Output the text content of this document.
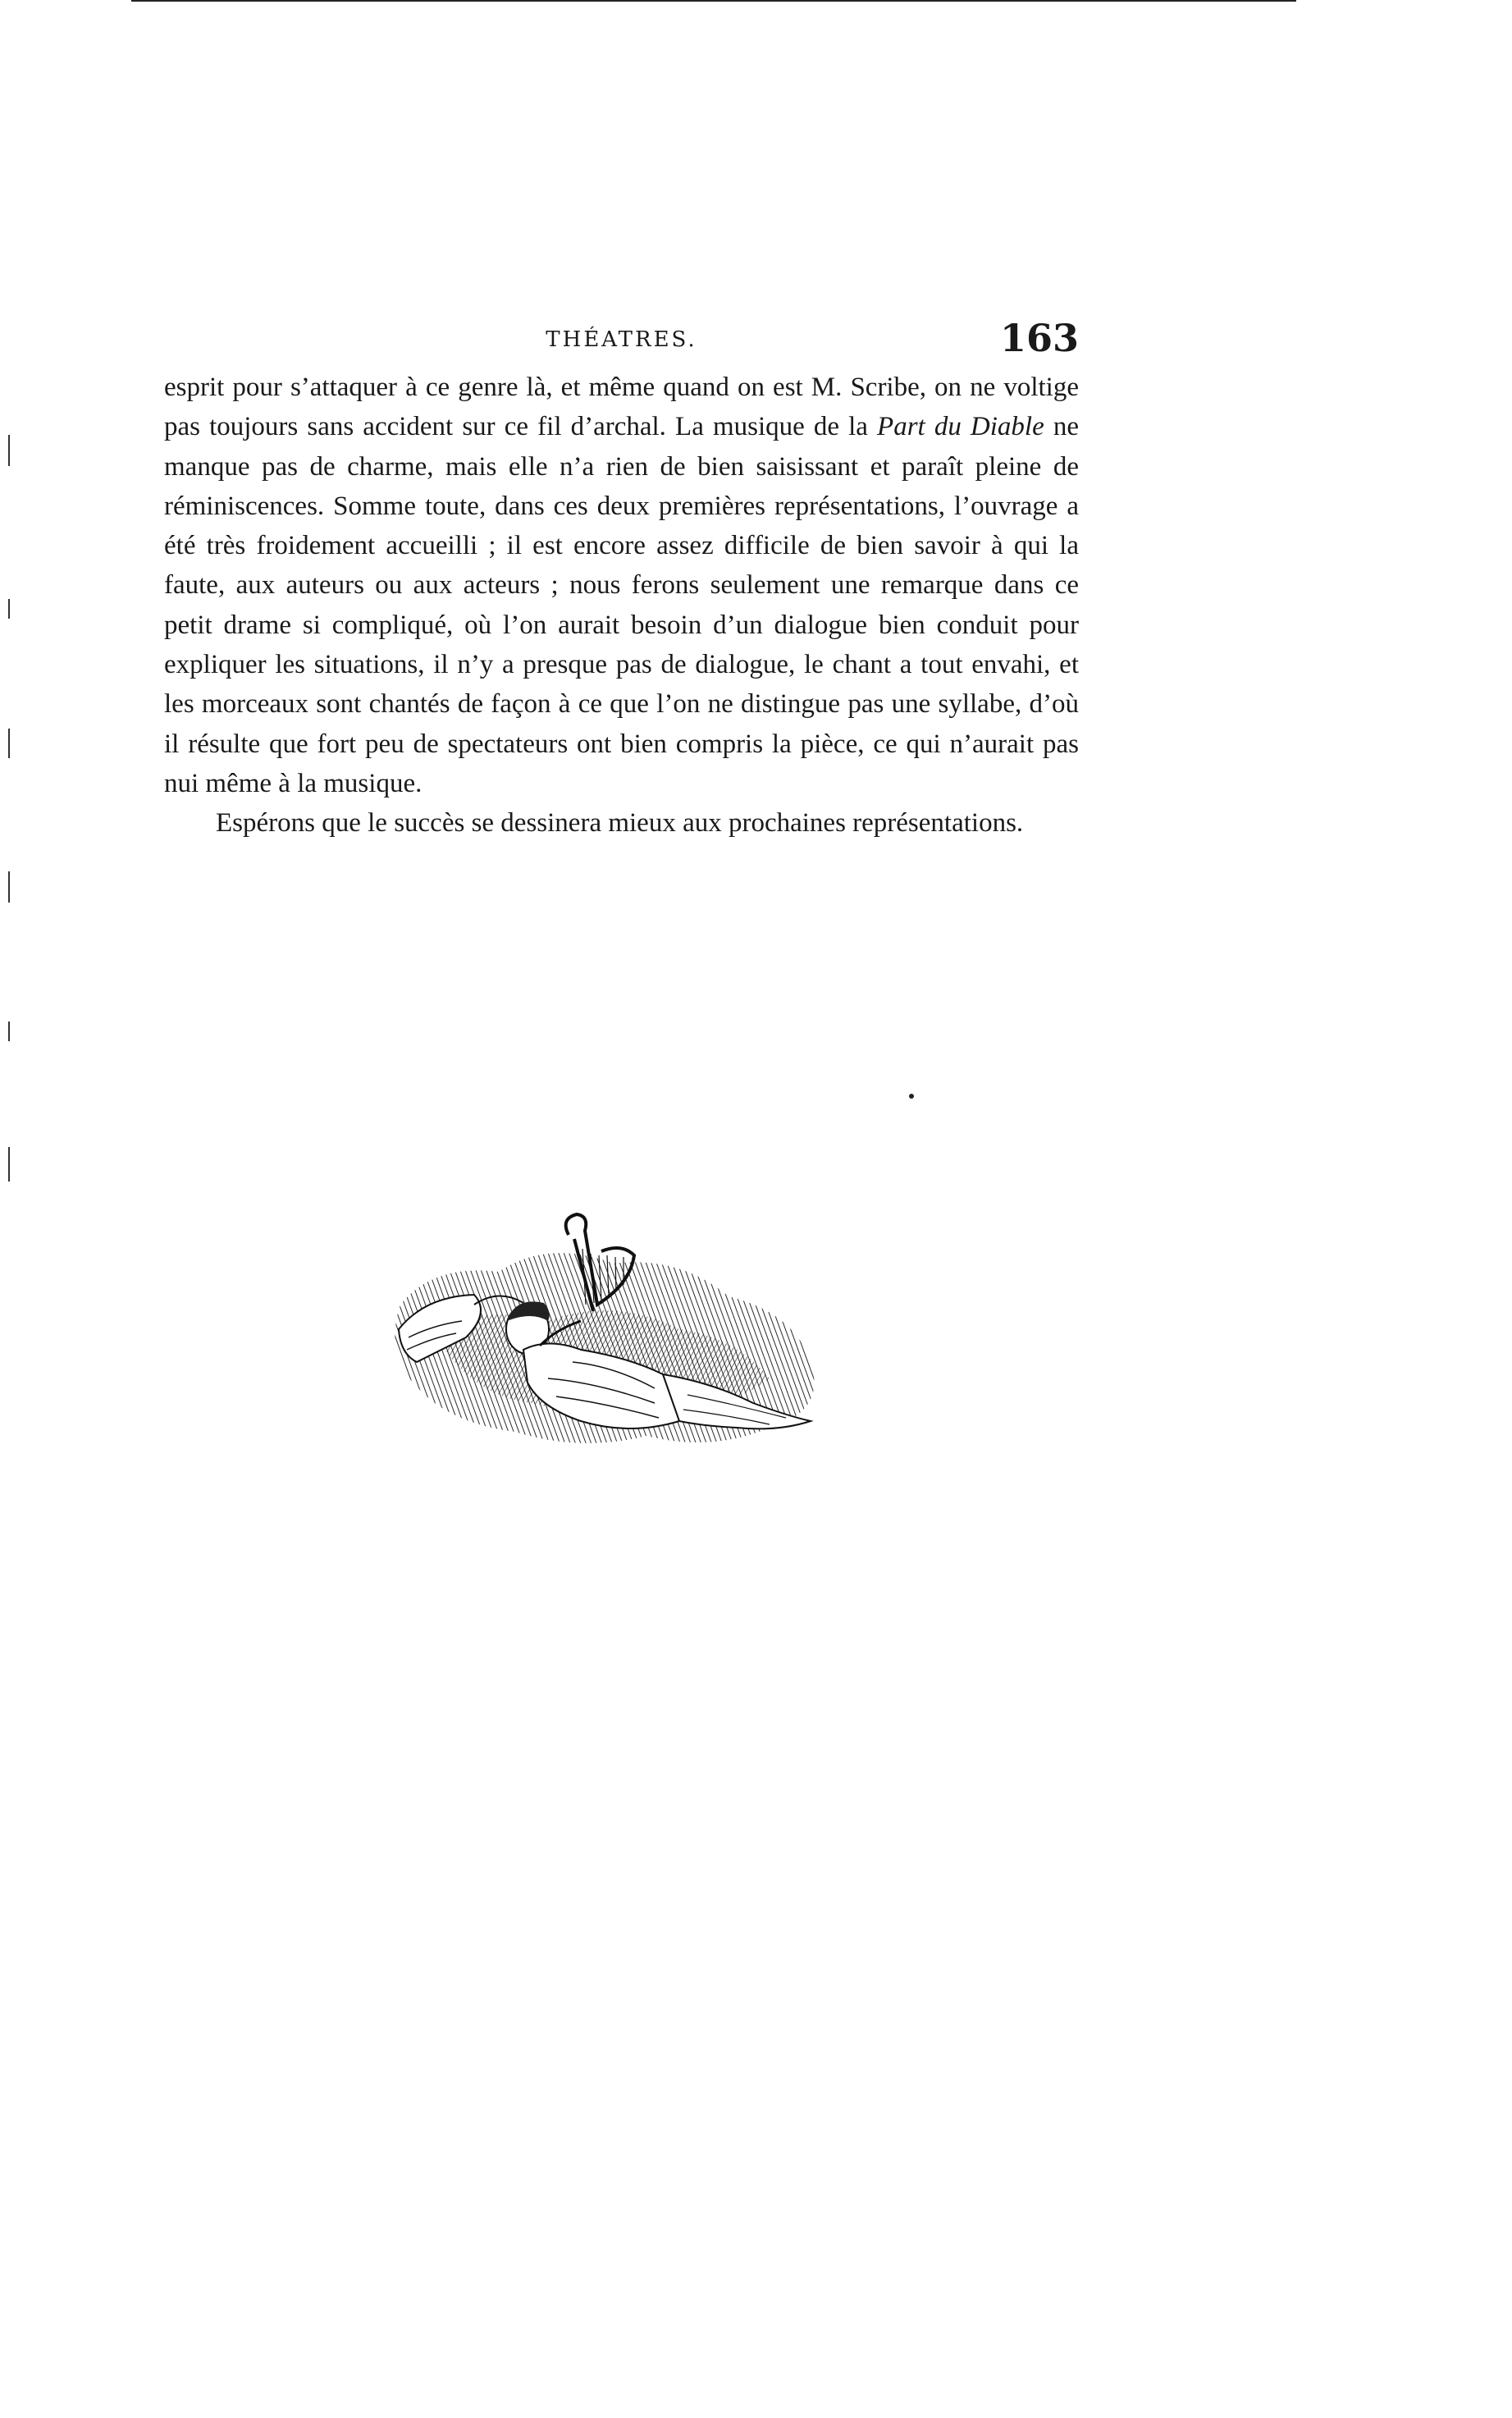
THÉATRES.	163

esprit pour s’attaquer à ce genre là, et même quand on est M. Scribe, on ne voltige pas toujours sans accident sur ce fil d’archal. La musique de la Part du Diable ne manque pas de charme, mais elle n’a rien de bien saisissant et paraît pleine de réminiscences. Somme toute, dans ces deux premières représentations, l’ouvrage a été très froidement accueilli ; il est encore assez difficile de bien savoir à qui la faute, aux auteurs ou aux acteurs ; nous ferons seulement une remarque dans ce petit drame si compliqué, où l’on aurait besoin d’un dialogue bien conduit pour expliquer les situations, il n’y a presque pas de dialogue, le chant a tout envahi, et les morceaux sont chantés de façon à ce que l’on ne distingue pas une syllabe, d’où il résulte que fort peu de spectateurs ont bien compris la pièce, ce qui n’aurait pas nui même à la musique.

Espérons que le succès se dessinera mieux aux prochaines représentations.
